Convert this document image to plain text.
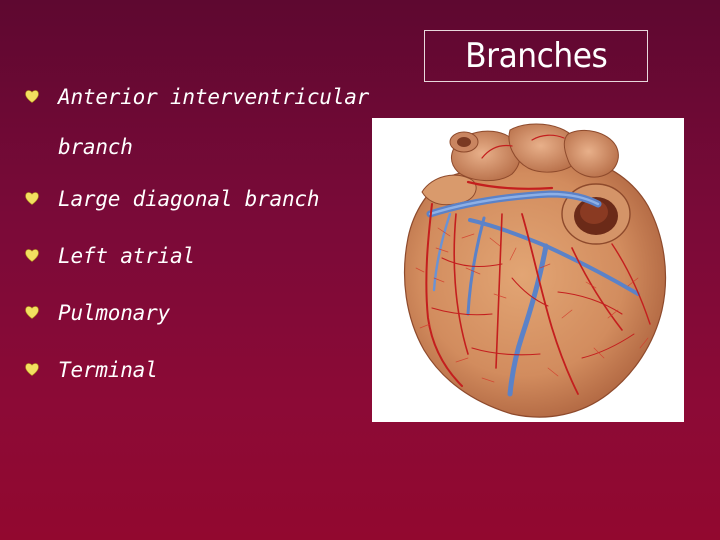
Branches
Anterior interventricular branch
Large diagonal branch
Left atrial
Pulmonary
Terminal
